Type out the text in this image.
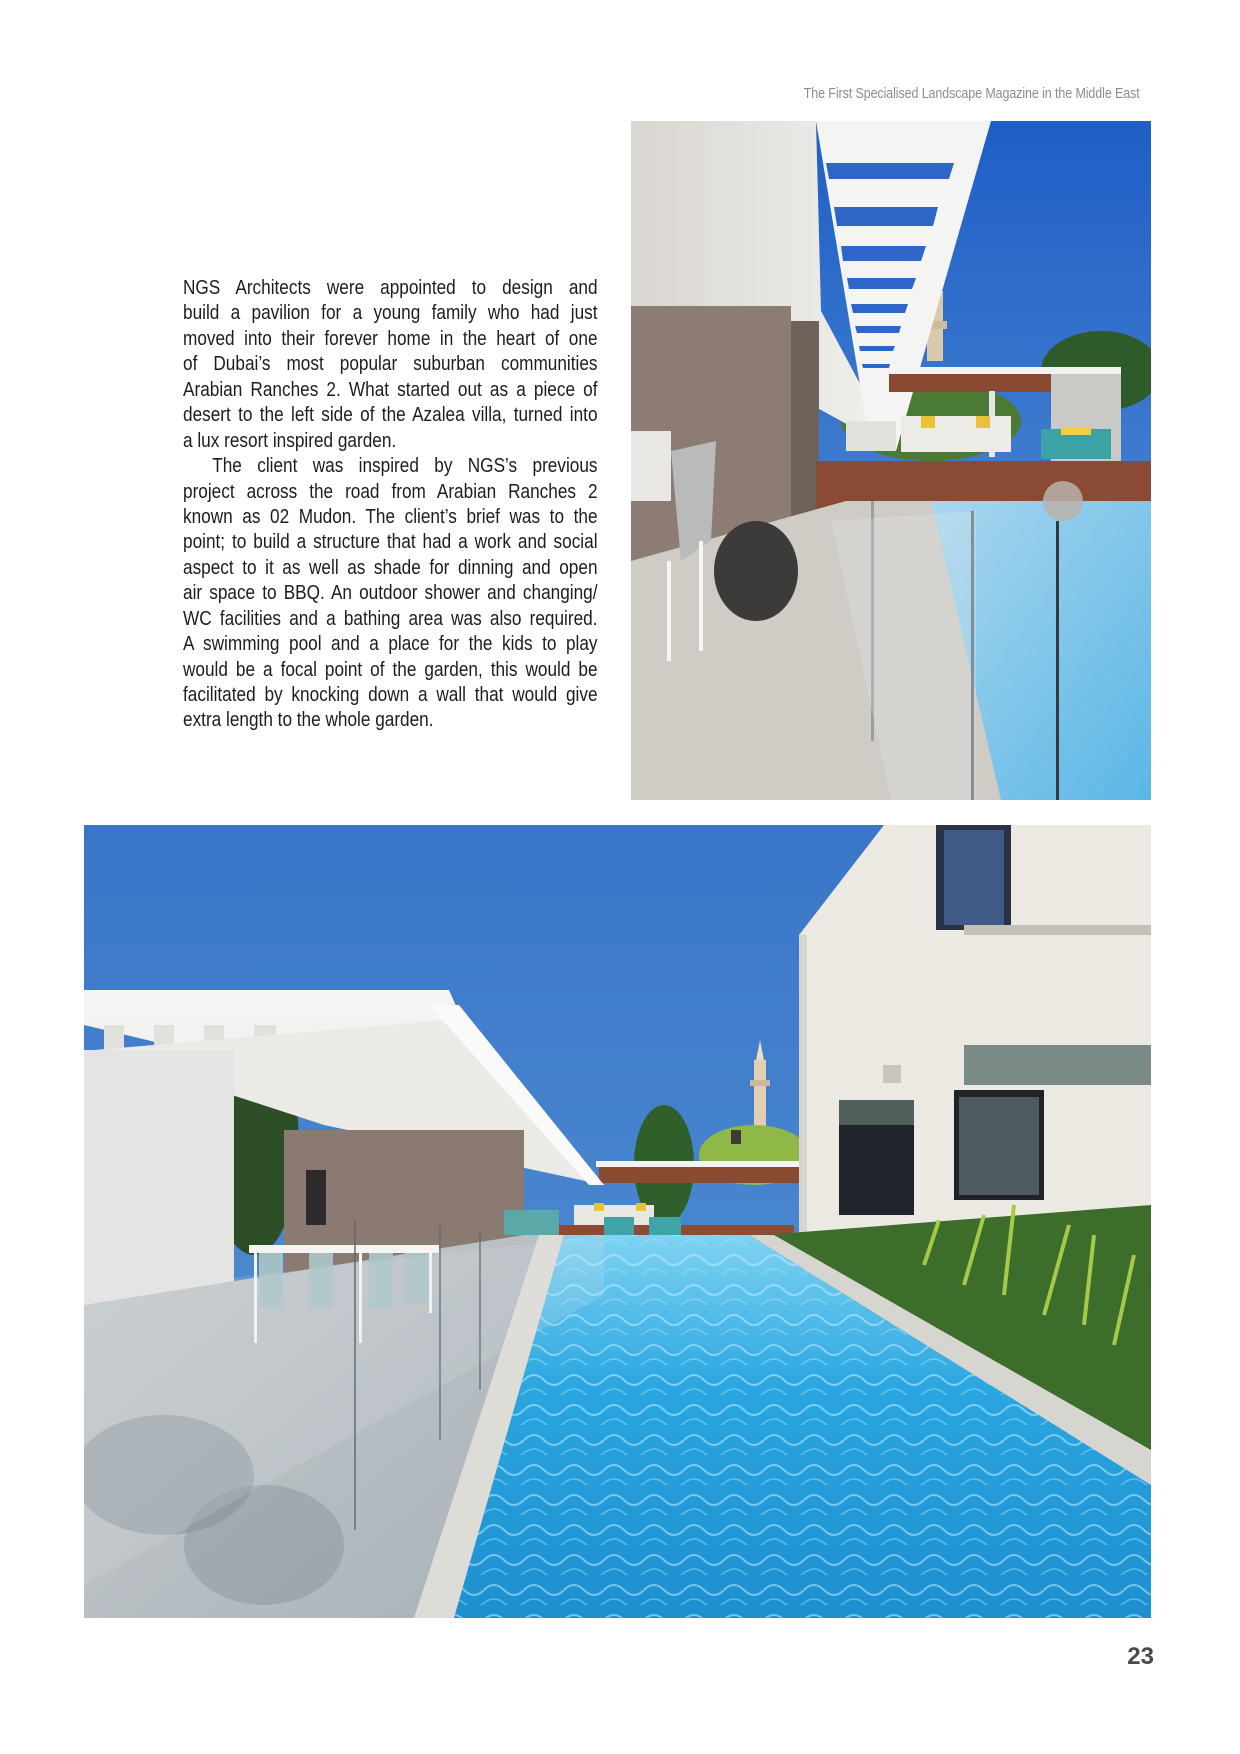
The First Specialised Landscape Magazine in the Middle East
NGS Architects were appointed to design and
build a pavilion for a young family who had just
moved into their forever home in the heart of one
of Dubai’s most popular suburban communities
Arabian Ranches 2. What started out as a piece of
desert to the left side of the Azalea villa, turned into
a lux resort inspired garden.
The client was inspired by NGS’s previous
project across the road from Arabian Ranches 2
known as 02 Mudon. The client’s brief was to the
point; to build a structure that had a work and social
aspect to it as well as shade for dinning and open
air space to BBQ. An outdoor shower and changing/
WC facilities and a bathing area was also required.
A swimming pool and a place for the kids to play
would be a focal point of the garden, this would be
facilitated by knocking down a wall that would give
extra length to the whole garden.
23
